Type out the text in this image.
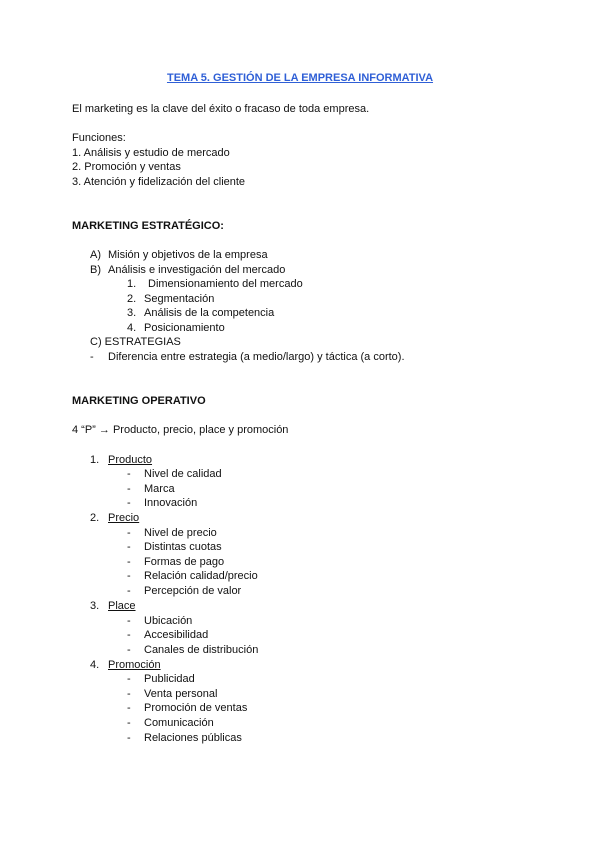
TEMA 5. GESTIÓN DE LA EMPRESA INFORMATIVA
El marketing es la clave del éxito o fracaso de toda empresa.
Funciones:
1. Análisis y estudio de mercado
2. Promoción y ventas
3. Atención y fidelización del cliente
MARKETING ESTRATÉGICO:
A) Misión y objetivos de la empresa
B) Análisis e investigación del mercado
1. Dimensionamiento del mercado
2. Segmentación
3. Análisis de la competencia
4. Posicionamiento
C) ESTRATEGIAS
- Diferencia entre estrategia (a medio/largo) y táctica (a corto).
MARKETING OPERATIVO
4 “P” → Producto, precio, place y promoción
1. Producto
- Nivel de calidad
- Marca
- Innovación
2. Precio
- Nivel de precio
- Distintas cuotas
- Formas de pago
- Relación calidad/precio
- Percepción de valor
3. Place
- Ubicación
- Accesibilidad
- Canales de distribución
4. Promoción
- Publicidad
- Venta personal
- Promoción de ventas
- Comunicación
- Relaciones públicas
